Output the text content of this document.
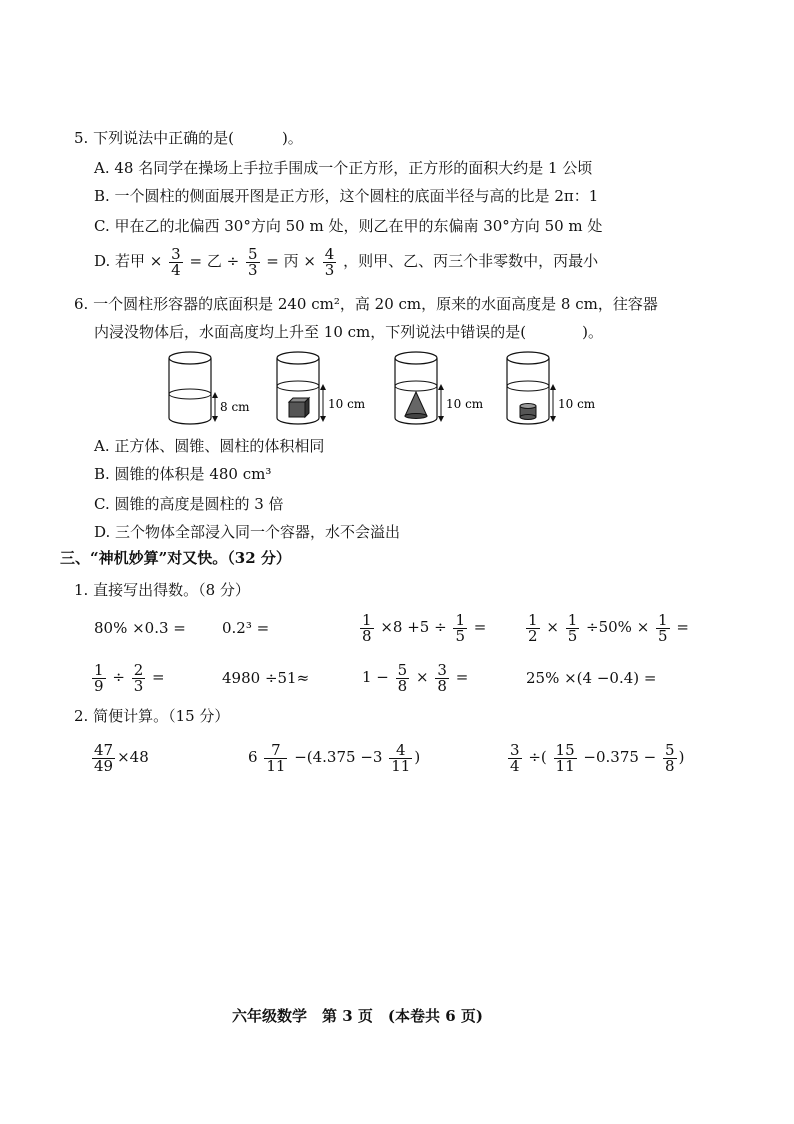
5. 下列说法中正确的是(	)。
A. 48 名同学在操场上手拉手围成一个正方形，正方形的面积大约是 1 公顷
B. 一个圆柱的侧面展开图是正方形，这个圆柱的底面半径与高的比是 2π：1
C. 甲在乙的北偏西 30°方向 50 m 处，则乙在甲的东偏南 30°方向 50 m 处
D. 若甲 × $\frac{3}{4}$ = 乙 ÷ $\frac{5}{3}$ = 丙 × $\frac{4}{3}$ ，则甲、乙、丙三个非零数中，丙最小
6. 一个圆柱形容器的底面积是 240 cm²，高 20 cm，原来的水面高度是 8 cm，往容器
内浸没物体后，水面高度均上升至 10 cm，下列说法中错误的是(	)。
8 cm	10 cm	10 cm	10 cm
A. 正方体、圆锥、圆柱的体积相同
B. 圆锥的体积是 480 cm³
C. 圆锥的高度是圆柱的 3 倍
D. 三个物体全部浸入同一个容器，水不会溢出
三、“神机妙算”对又快。（32 分）
1. 直接写出得数。（8 分）
80% ×0.3 = 0.2³ =	$\frac{1}{8} \times 8 +5 \div \frac{1}{5}$ =	$\frac{1}{2} \times \frac{1}{5} \div 50\% \times \frac{1}{5}$ =
$\frac{1}{9} \div \frac{2}{3}$ =	4980 ÷51≈	$1 - \frac{5}{8} \times \frac{3}{8}$ =	25% ×(4 −0.4) =
2. 简便计算。（15 分）
$\frac{47}{49} \times 48$	$6 \frac{7}{11} -(4.375 -3 \frac{4}{11}$ )	$\frac{3}{4}$ ÷( $\frac{15}{11} -0.375 - \frac{5}{8}$ )
六年级数学　第 3 页　(本卷共 6 页)
